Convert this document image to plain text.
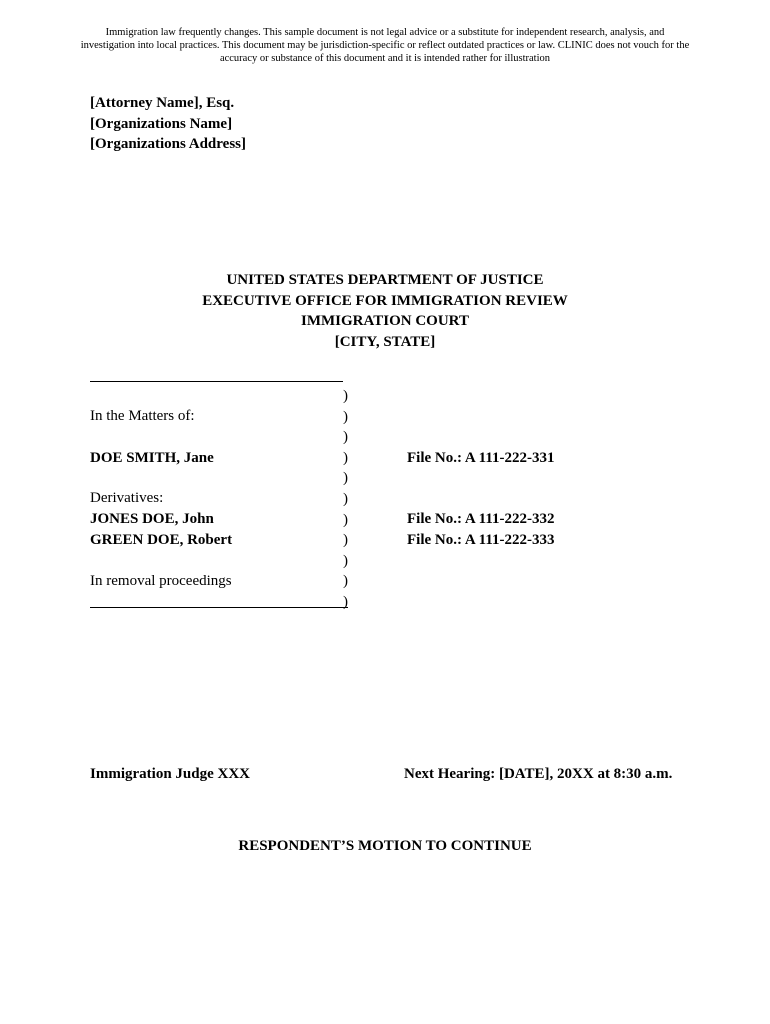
Immigration law frequently changes. This sample document is not legal advice or a substitute for independent research, analysis, and investigation into local practices. This document may be jurisdiction-specific or reflect outdated practices or law. CLINIC does not vouch for the accuracy or substance of this document and it is intended rather for illustration
[Attorney Name], Esq.
[Organizations Name]
[Organizations Address]
UNITED STATES DEPARTMENT OF JUSTICE
EXECUTIVE OFFICE FOR IMMIGRATION REVIEW
IMMIGRATION COURT
[CITY, STATE]
)
)
)
)
)
)
)
)
)
)
)
In the Matters of:
DOE SMITH, Jane	File No.: A 111-222-331
Derivatives:
JONES DOE, John	File No.: A 111-222-332
GREEN DOE, Robert	File No.: A 111-222-333
In removal proceedings
Immigration Judge XXX	Next Hearing: [DATE], 20XX at 8:30 a.m.
RESPONDENT’S MOTION TO CONTINUE
